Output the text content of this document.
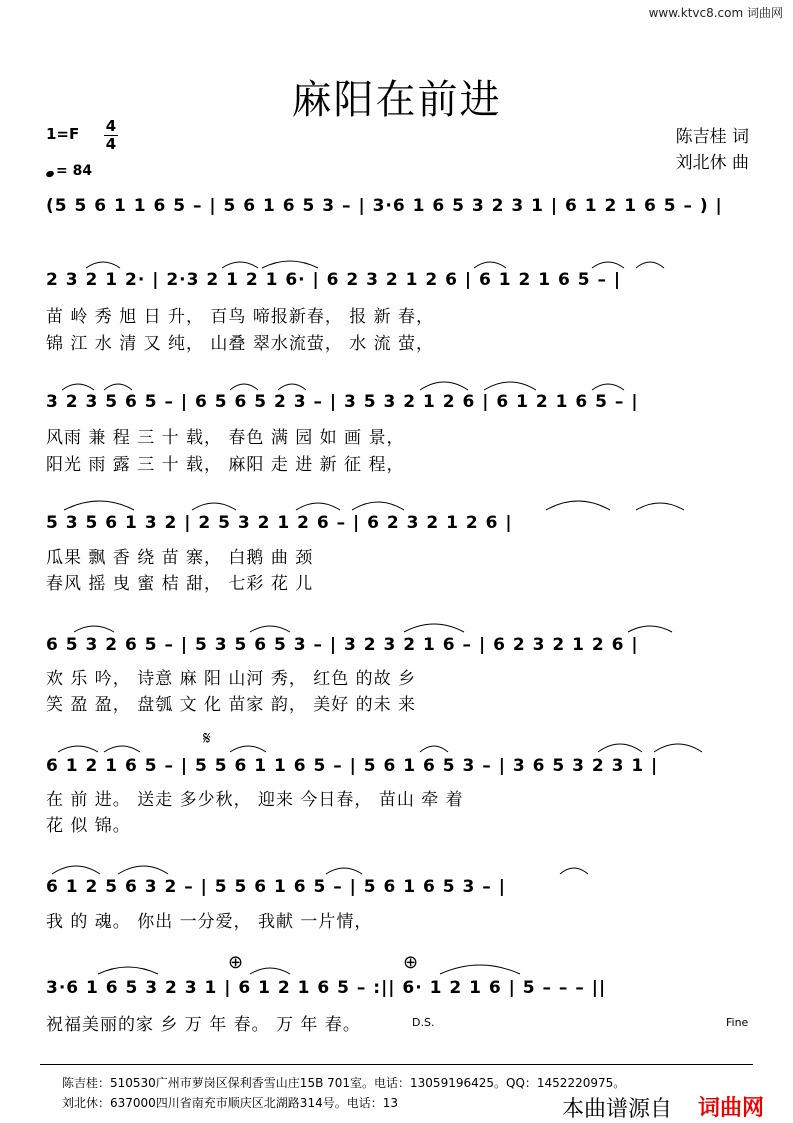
www.ktvc8.com 词曲网
麻阳在前进
1=F 4
4
= 84
陈吉桂 词
刘北休 曲
(5 5 6 1 1 6 5 – | 5 6 1 6 5 3 – | 3·6 1 6 5 3 2 3 1 | 6 1 2 1 6 5 – ) |
2 3 2 1 2· | 2·3 2 1 2 1 6· | 6 2 3 2 1 2 6 | 6 1 2 1 6 5 – |
苗 岭 秀 旭 日 升， 百鸟 啼报新春， 报 新 春，
锦 江 水 清 又 纯， 山叠 翠水流萤， 水 流 萤，
3 2 3 5 6 5 – | 6 5 6 5 2 3 – | 3 5 3 2 1 2 6 | 6 1 2 1 6 5 – |
风雨 兼 程 三 十 载， 春色 满 园 如 画 景，
阳光 雨 露 三 十 载， 麻阳 走 进 新 征 程，
5 3 5 6 1 3 2 | 2 5 3 2 1 2 6 – | 6 2 3 2 1 2 6 |
瓜果 飘 香 绕 苗 寨， 白鹅 曲 颈
春风 摇 曳 蜜 桔 甜， 七彩 花 儿
6 5 3 2 6 5 – | 5 3 5 6 5 3 – | 3 2 3 2 1 6 – | 6 2 3 2 1 2 6 |
欢 乐 吟， 诗意 麻 阳 山河 秀， 红色 的故 乡
笑 盈 盈， 盘瓠 文 化 苗家 韵， 美好 的未 来
𝄋
6 1 2 1 6 5 – | 5 5 6 1 1 6 5 – | 5 6 1 6 5 3 – | 3 6 5 3 2 3 1 |
在 前 进。 送走 多少秋， 迎来 今日春， 苗山 牵 着
花 似 锦。
6 1 2 5 6 3 2 – | 5 5 6 1 6 5 – | 5 6 1 6 5 3 – |
我 的 魂。 你出 一分爱， 我献 一片情，
⊕	⊕
3·6 1 6 5 3 2 3 1 | 6 1 2 1 6 5 – :|| 6· 1 2 1 6 | 5 – – – ||
祝福美丽的家 乡 万 年 春。 万 年 春。	D.S.	Fine
陈吉桂：510530广州市萝岗区保利香雪山庄15B 701室。电话：13059196425。QQ：1452220975。
刘北休：637000四川省南充市顺庆区北湖路314号。电话：13	本曲谱源自 词曲网
